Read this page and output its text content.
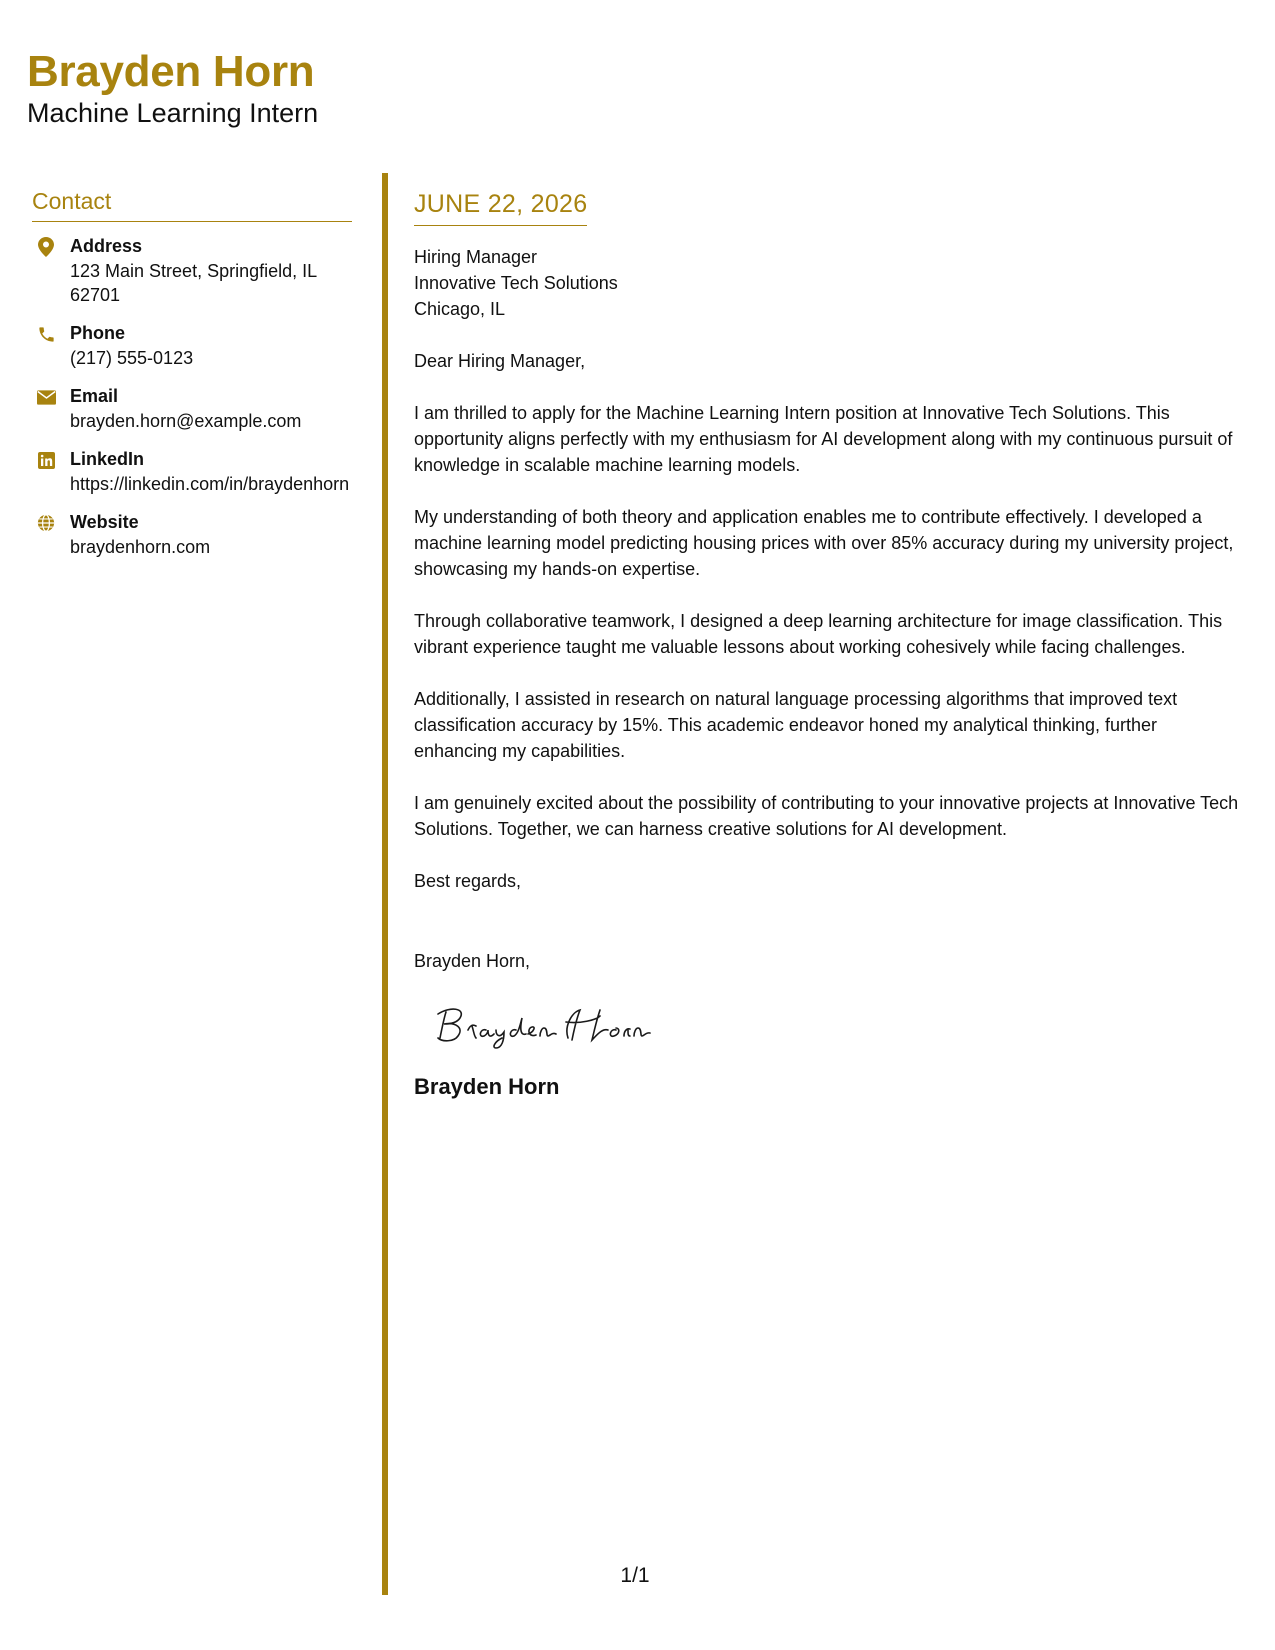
Brayden Horn
Machine Learning Intern
Contact
Address
123 Main Street, Springfield, IL 62701
Phone
(217) 555-0123
Email
brayden.horn@example.com
LinkedIn
https://linkedin.com/in/braydenhorn
Website
braydenhorn.com
JUNE 22, 2026
Hiring Manager
Innovative Tech Solutions
Chicago, IL
Dear Hiring Manager,
I am thrilled to apply for the Machine Learning Intern position at Innovative Tech Solutions. This opportunity aligns perfectly with my enthusiasm for AI development along with my continuous pursuit of knowledge in scalable machine learning models.
My understanding of both theory and application enables me to contribute effectively. I developed a machine learning model predicting housing prices with over 85% accuracy during my university project, showcasing my hands-on expertise.
Through collaborative teamwork, I designed a deep learning architecture for image classification. This vibrant experience taught me valuable lessons about working cohesively while facing challenges.
Additionally, I assisted in research on natural language processing algorithms that improved text classification accuracy by 15%. This academic endeavor honed my analytical thinking, further enhancing my capabilities.
I am genuinely excited about the possibility of contributing to your innovative projects at Innovative Tech Solutions. Together, we can harness creative solutions for AI development.
Best regards,
Brayden Horn,
Brayden Horn
1/1
